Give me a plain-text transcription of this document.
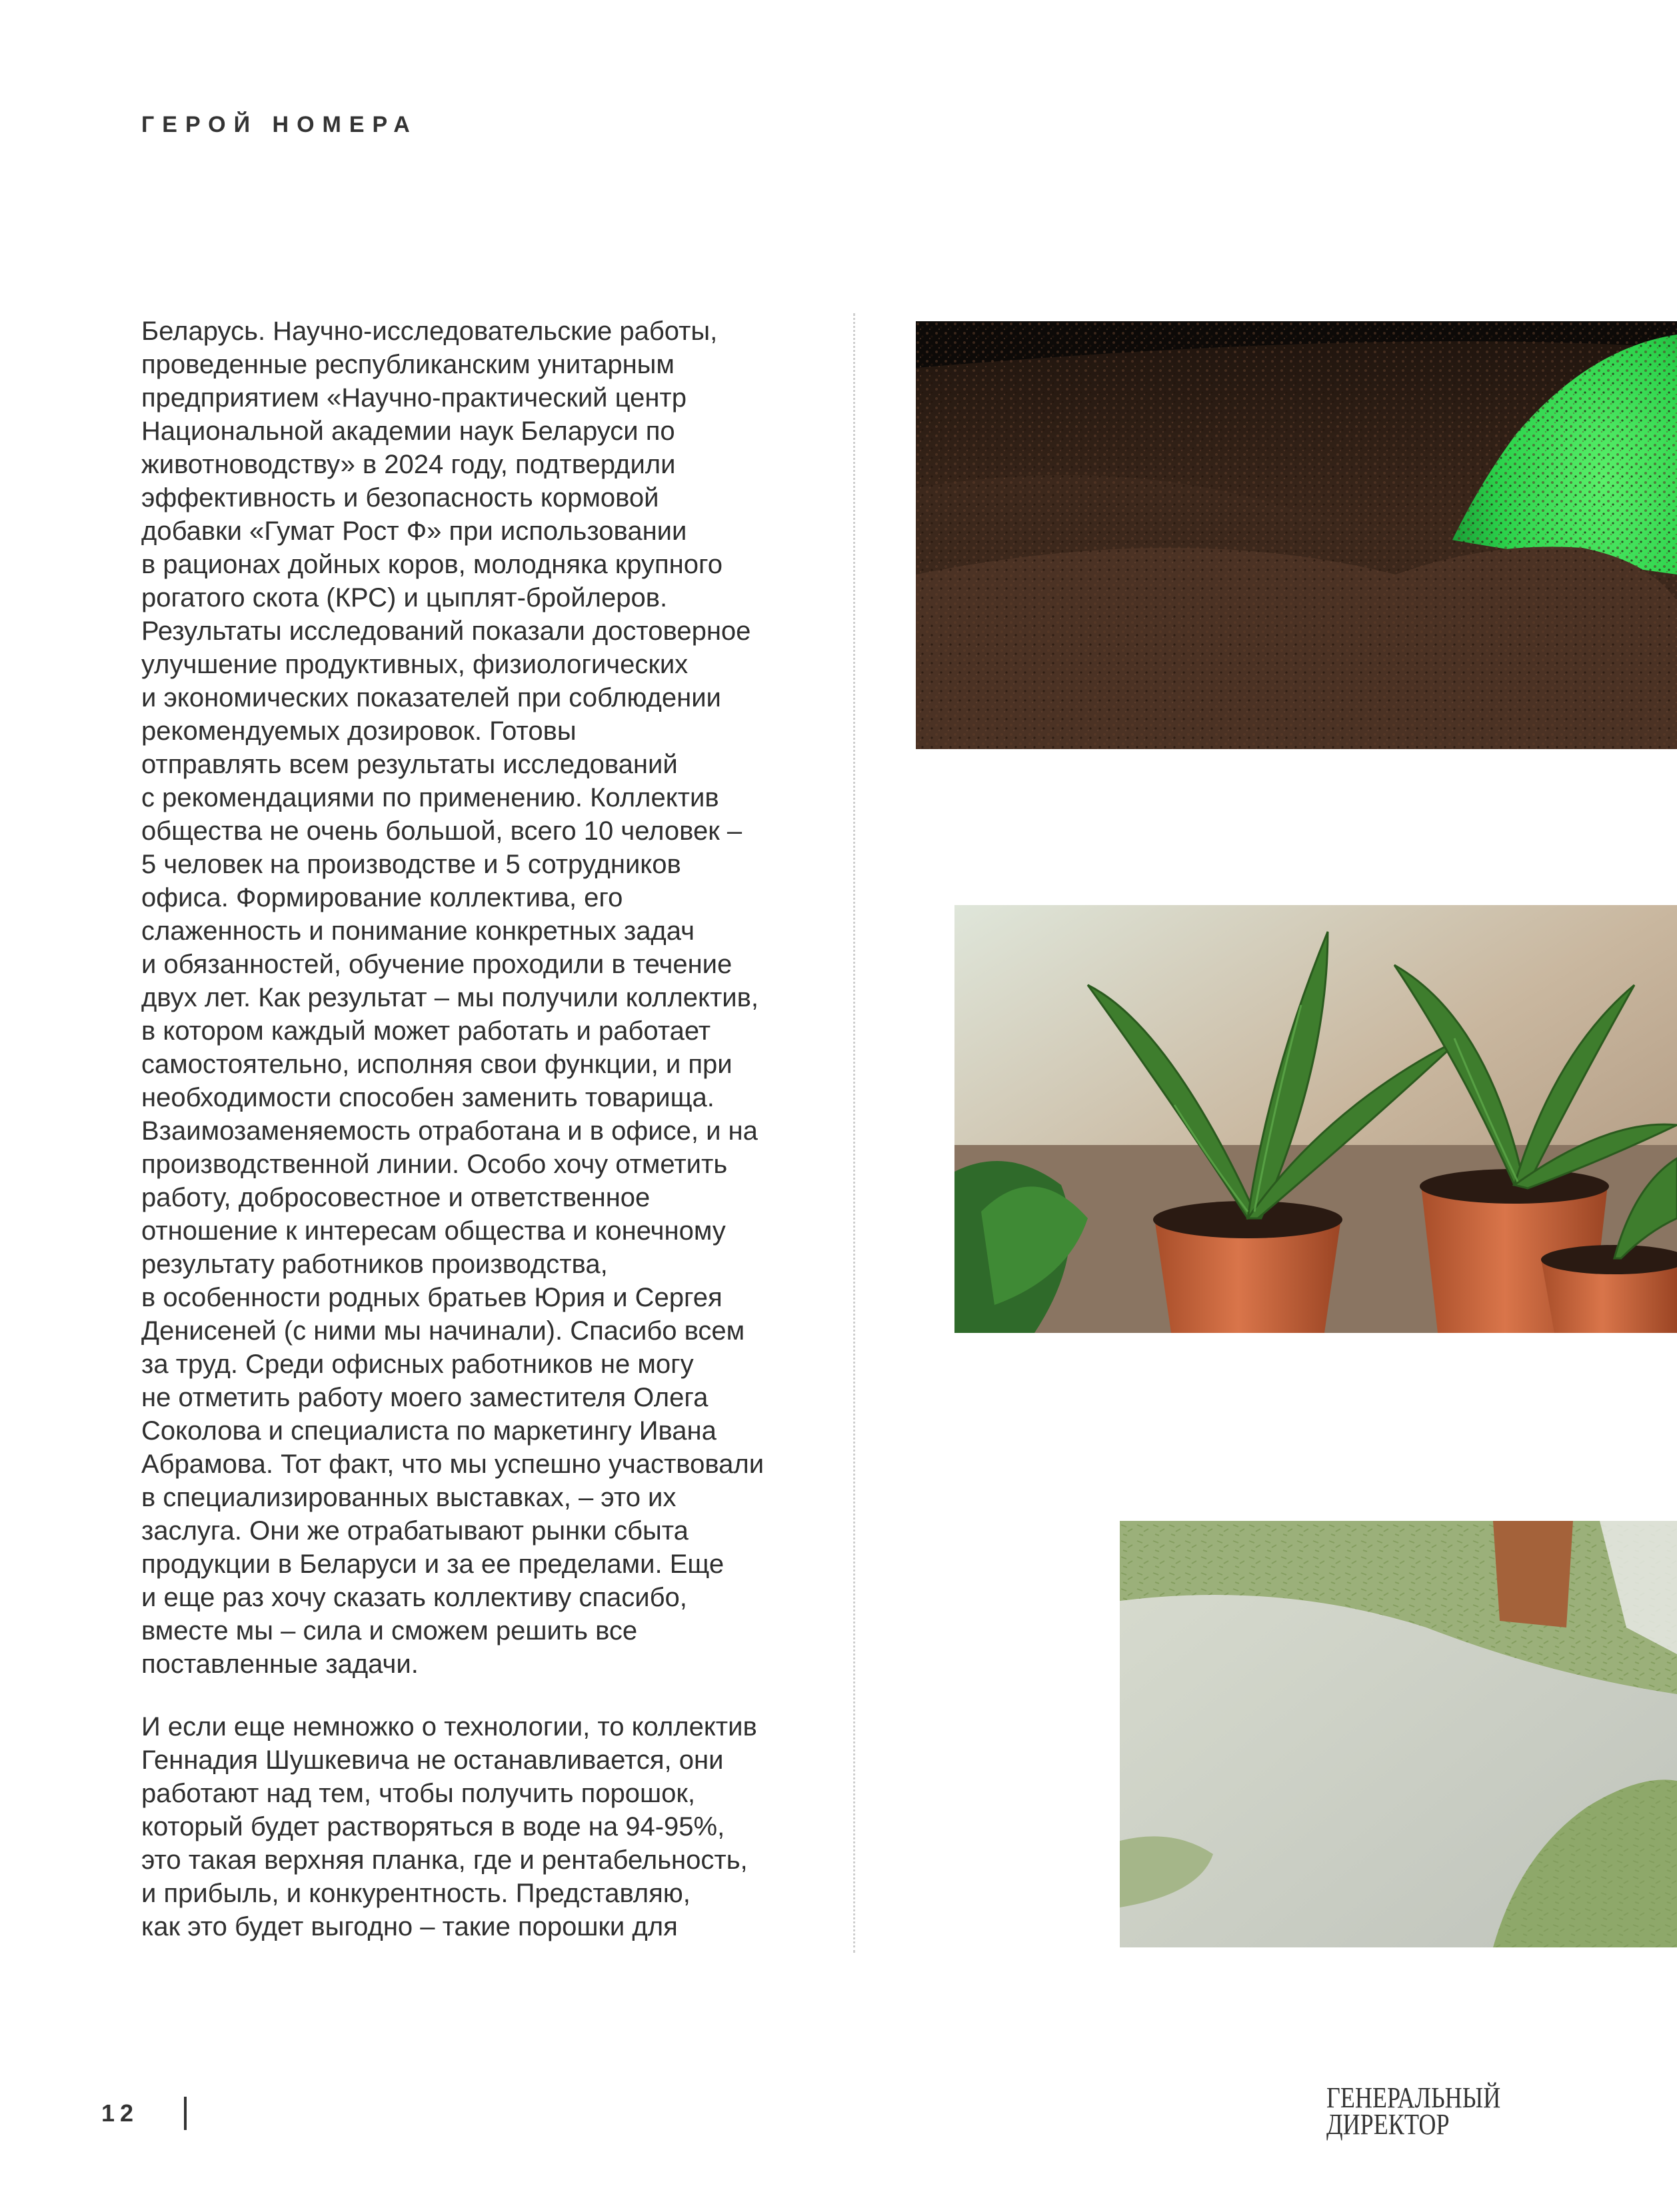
ГЕРОЙ НОМЕРА

Беларусь. Научно-исследовательские работы,
проведенные республиканским унитарным
предприятием «Научно-практический центр
Национальной академии наук Беларуси по
животноводству» в 2024 году, подтвердили
эффективность и безопасность кормовой
добавки «Гумат Рост Ф» при использовании
в рационах дойных коров, молодняка крупного
рогатого скота (КРС) и цыплят-бройлеров.
Результаты исследований показали достоверное
улучшение продуктивных, физиологических
и экономических показателей при соблюдении
рекомендуемых дозировок. Готовы
отправлять всем результаты исследований
с рекомендациями по применению. Коллектив
общества не очень большой, всего 10 человек –
5 человек на производстве и 5 сотрудников
офиса. Формирование коллектива, его
слаженность и понимание конкретных задач
и обязанностей, обучение проходили в течение
двух лет. Как результат – мы получили коллектив,
в котором каждый может работать и работает
самостоятельно, исполняя свои функции, и при
необходимости способен заменить товарища.
Взаимозаменяемость отработана и в офисе, и на
производственной линии. Особо хочу отметить
работу, добросовестное и ответственное
отношение к интересам общества и конечному
результату работников производства,
в особенности родных братьев Юрия и Сергея
Денисеней (с ними мы начинали). Спасибо всем
за труд. Среди офисных работников не могу
не отметить работу моего заместителя Олега
Соколова и специалиста по маркетингу Ивана
Абрамова. Тот факт, что мы успешно участвовали
в специализированных выставках, – это их
заслуга. Они же отрабатывают рынки сбыта
продукции в Беларуси и за ее пределами. Еще
и еще раз хочу сказать коллективу спасибо,
вместе мы – сила и сможем решить все
поставленные задачи.

И если еще немножко о технологии, то коллектив
Геннадия Шушкевича не останавливается, они
работают над тем, чтобы получить порошок,
который будет растворяться в воде на 94-95%,
это такая верхняя планка, где и рентабельность,
и прибыль, и конкурентность. Представляю,
как это будет выгодно – такие порошки для

12	ГЕНЕРАЛЬНЫЙ
ДИРЕКТОР
